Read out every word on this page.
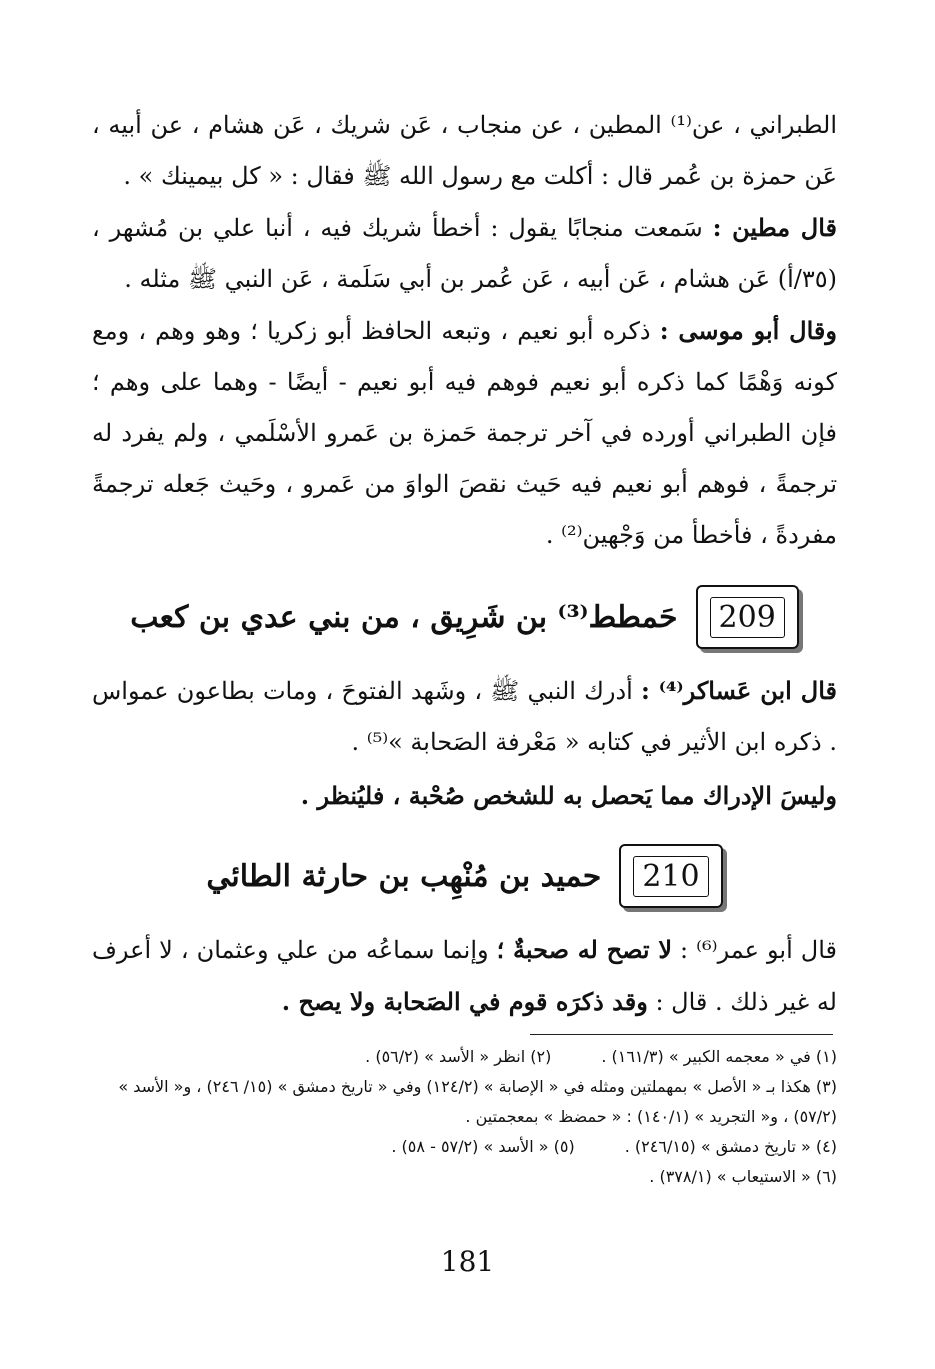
الطبراني ، عن⁽¹⁾ المطين ، عن منجاب ، عَن شريك ، عَن هشام ، عن أبيه ، عَن حمزة بن عُمر قال : أكلت مع رسول الله ﷺ فقال : « كل بيمينك » .

قال مطين : سَمعت منجابًا يقول : أخطأ شريك فيه ، أنبا علي بن مُشهر ، (٣٥/أ) عَن هشام ، عَن أبيه ، عَن عُمر بن أبي سَلَمة ، عَن النبي ﷺ مثله .

وقال أبو موسى : ذكره أبو نعيم ، وتبعه الحافظ أبو زكريا ؛ وهو وهم ، ومع كونه وَهْمًا كما ذكره أبو نعيم فوهم فيه أبو نعيم - أيضًا - وهما على وهم ؛ فإن الطبراني أورده في آخر ترجمة حَمزة بن عَمرو الأسْلَمي ، ولم يفرد له ترجمةً ، فوهم أبو نعيم فيه حَيث نقصَ الواوَ من عَمرو ، وحَيث جَعله ترجمةً مفردةً ، فأخطأ من وَجْهين⁽²⁾ .

209
حَمطط⁽³⁾ بن شَرِيق ، من بني عدي بن كعب

قال ابن عَساكر⁽⁴⁾ : أدرك النبي ﷺ ، وشَهد الفتوحَ ، ومات بطاعون عمواس . ذكره ابن الأثير في كتابه « مَعْرفة الصَحابة »⁽⁵⁾ .

وليسَ الإدراك مما يَحصل به للشخص صُحْبة ، فليُنظر .

210
حميد بن مُنْهِب بن حارثة الطائي

قال أبو عمر⁽⁶⁾ : لا تصح له صحبةٌ ؛ وإنما سماعُه من علي وعثمان ، لا أعرف له غير ذلك . قال : وقد ذكرَه قوم في الصَحابة ولا يصح .

(١) في « معجمه الكبير » (١٦١/٣) .
(٢) انظر « الأسد » (٥٦/٢) .
(٣) هكذا بـ « الأصل » بمهملتين ومثله في « الإصابة » (١٢٤/٢) وفي « تاريخ دمشق » (١٥/ ٢٤٦) ، و« الأسد » (٥٧/٢) ، و« التجريد » (١٤٠/١) : « حمضظ » بمعجمتين .
(٤) « تاريخ دمشق » (٢٤٦/١٥) .
(٥) « الأسد » (٥٧/٢ - ٥٨) .
(٦) « الاستيعاب » (٣٧٨/١) .
181
